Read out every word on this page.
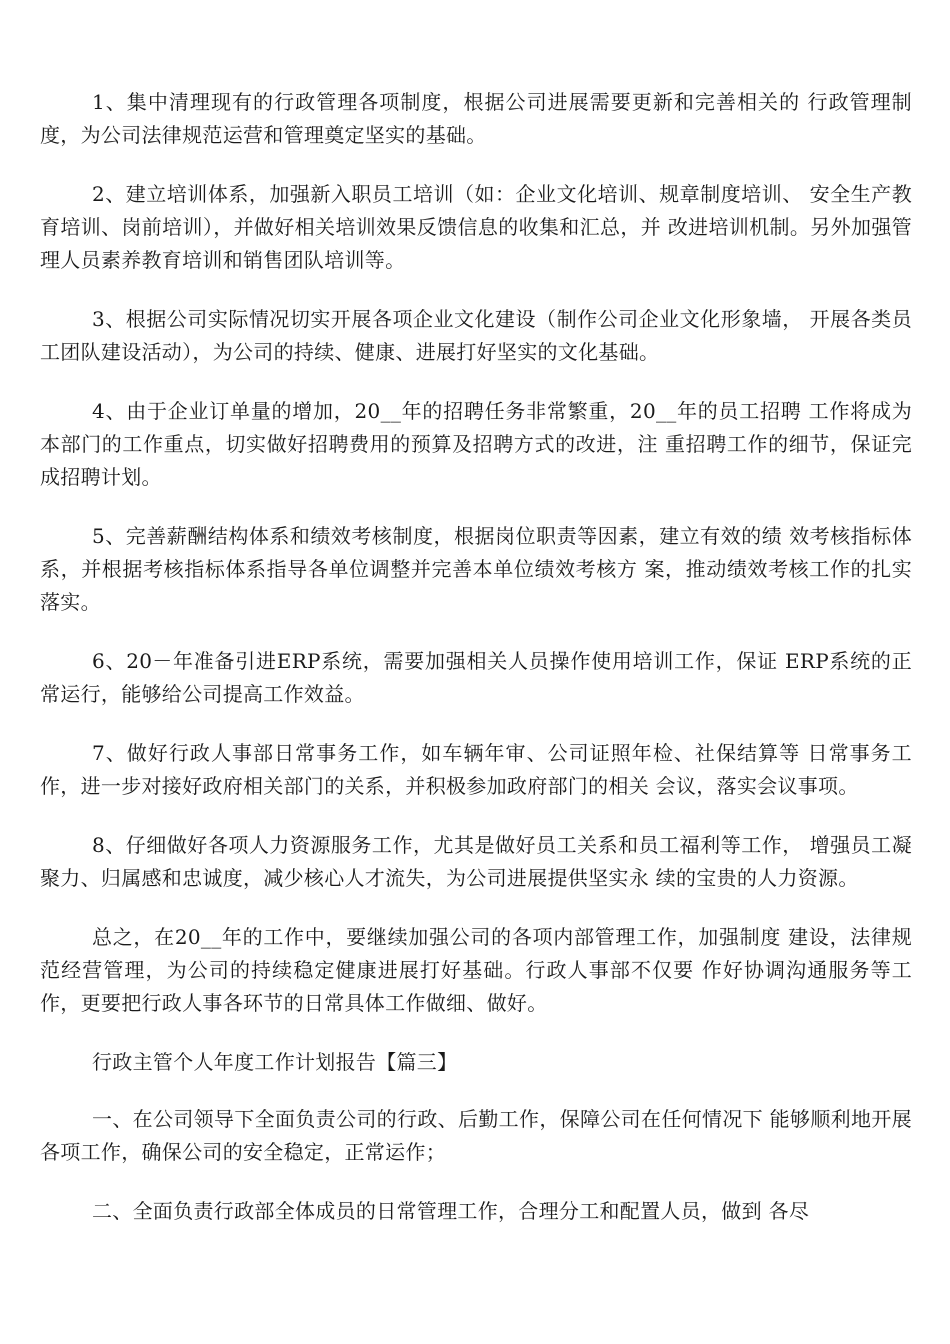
1、集中清理现有的行政管理各项制度，根据公司进展需要更新和完善相关的 行政管理制度，为公司法律规范运营和管理奠定坚实的基础。

2、建立培训体系，加强新入职员工培训（如：企业文化培训、规章制度培训、 安全生产教育培训、岗前培训），并做好相关培训效果反馈信息的收集和汇总，并 改进培训机制。另外加强管理人员素养教育培训和销售团队培训等。

3、根据公司实际情况切实开展各项企业文化建设（制作公司企业文化形象墙， 开展各类员工团队建设活动），为公司的持续、健康、进展打好坚实的文化基础。

4、由于企业订单量的增加，20__年的招聘任务非常繁重，20__年的员工招聘 工作将成为本部门的工作重点，切实做好招聘费用的预算及招聘方式的改进，注 重招聘工作的细节，保证完成招聘计划。

5、完善薪酬结构体系和绩效考核制度，根据岗位职责等因素，建立有效的绩 效考核指标体系，并根据考核指标体系指导各单位调整并完善本单位绩效考核方 案，推动绩效考核工作的扎实落实。

6、20－年准备引进ERP系统，需要加强相关人员操作使用培训工作，保证 ERP系统的正常运行，能够给公司提高工作效益。

7、做好行政人事部日常事务工作，如车辆年审、公司证照年检、社保结算等 日常事务工作，进一步对接好政府相关部门的关系，并积极参加政府部门的相关 会议，落实会议事项。

8、仔细做好各项人力资源服务工作，尤其是做好员工关系和员工福利等工作， 增强员工凝聚力、归属感和忠诚度，减少核心人才流失，为公司进展提供坚实永 续的宝贵的人力资源。

总之，在20__年的工作中，要继续加强公司的各项内部管理工作，加强制度 建设，法律规范经营管理，为公司的持续稳定健康进展打好基础。行政人事部不仅要 作好协调沟通服务等工作，更要把行政人事各环节的日常具体工作做细、做好。

行政主管个人年度工作计划报告【篇三】

一、在公司领导下全面负责公司的行政、后勤工作，保障公司在任何情况下 能够顺利地开展各项工作，确保公司的安全稳定，正常运作；

二、全面负责行政部全体成员的日常管理工作，合理分工和配置人员，做到 各尽
